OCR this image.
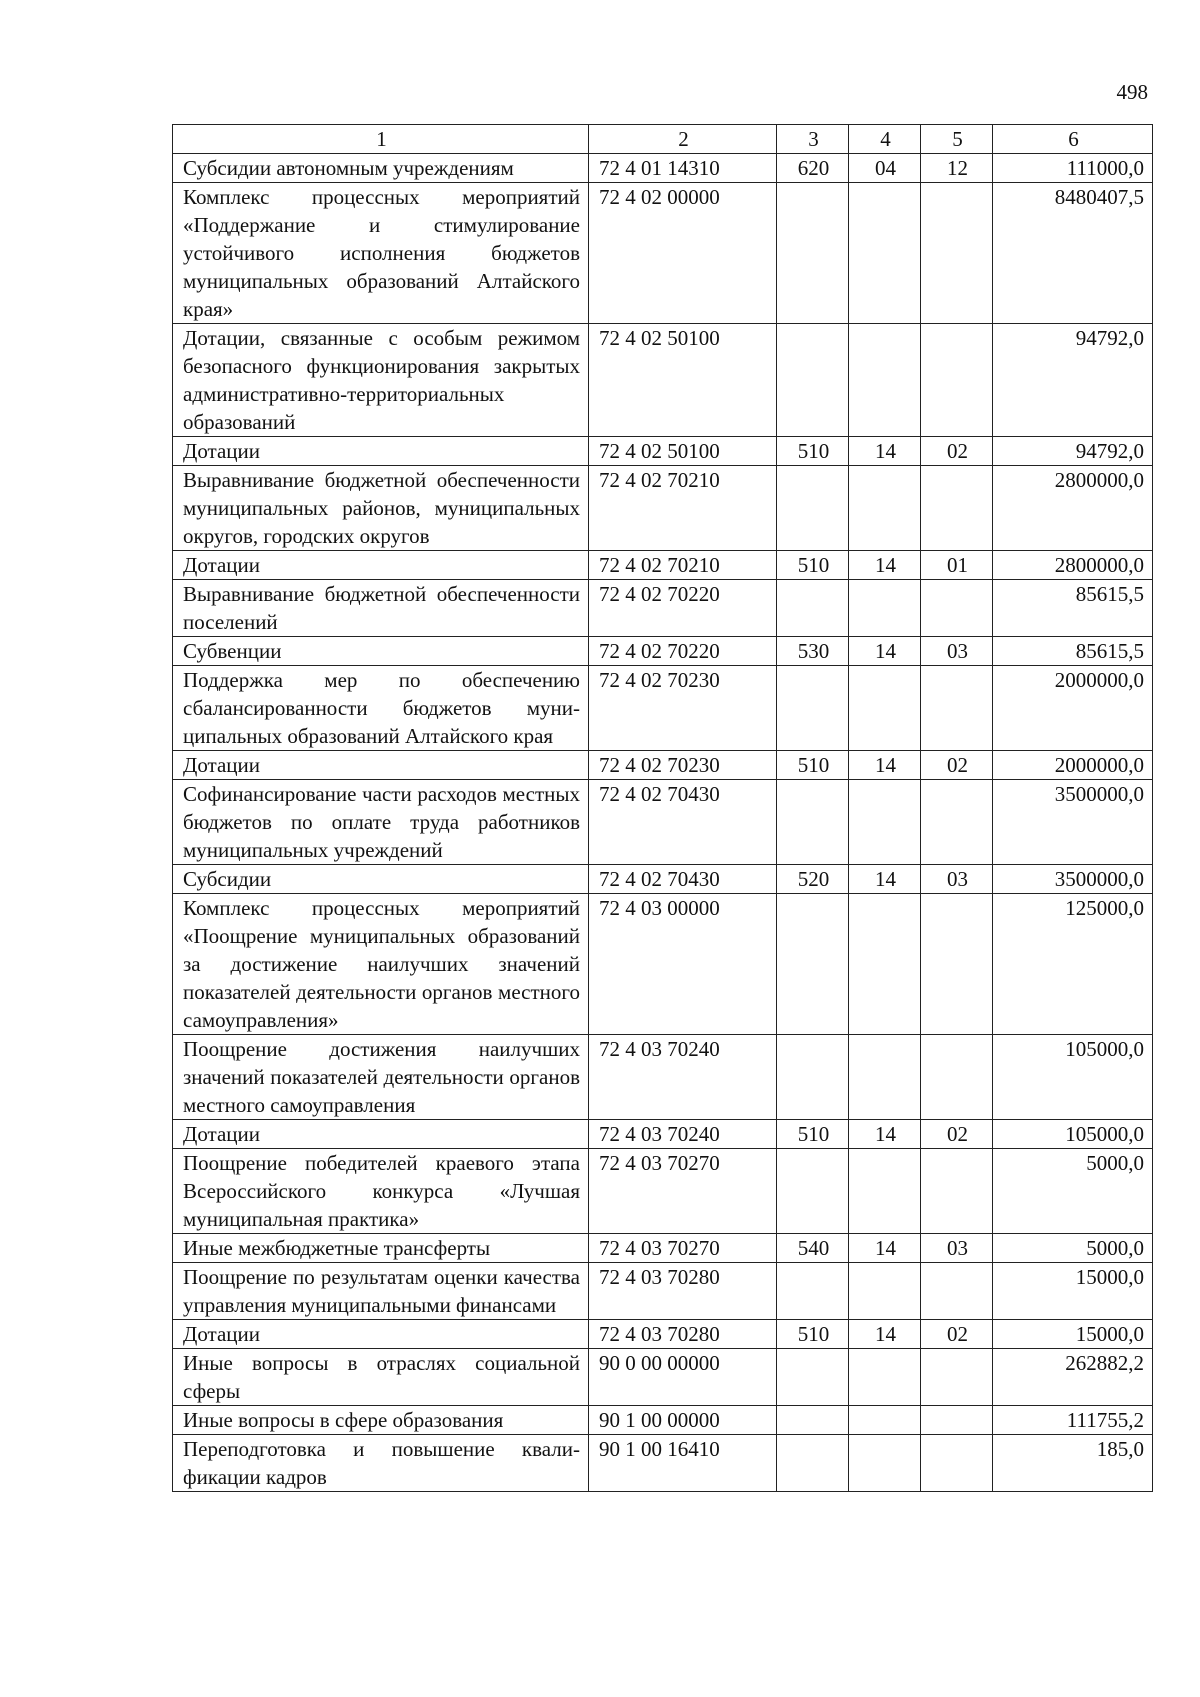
498
1	2	3	4	5	6
Субсидии автономным учреждениям	72 4 01 14310	620	04	12	111000,0
Комплекс процессных мероприятий «Поддержание и стимулирование устойчивого исполнения бюджетов муниципальных образований Алтайского края»	72 4 02 00000				8480407,5
Дотации, связанные с особым режимом безопасного функционирования закрытых административно-территориальных образований	72 4 02 50100				94792,0
Дотации	72 4 02 50100	510	14	02	94792,0
Выравнивание бюджетной обеспеченности муниципальных районов, муниципальных округов, городских округов	72 4 02 70210				2800000,0
Дотации	72 4 02 70210	510	14	01	2800000,0
Выравнивание бюджетной обеспеченности поселений	72 4 02 70220				85615,5
Субвенции	72 4 02 70220	530	14	03	85615,5
Поддержка мер по обеспечению сбалансированности бюджетов муниципальных образований Алтайского края	72 4 02 70230				2000000,0
Дотации	72 4 02 70230	510	14	02	2000000,0
Софинансирование части расходов местных бюджетов по оплате труда работников муниципальных учреждений	72 4 02 70430				3500000,0
Субсидии	72 4 02 70430	520	14	03	3500000,0
Комплекс процессных мероприятий «Поощрение муниципальных образований за достижение наилучших значений показателей деятельности органов местного самоуправления»	72 4 03 00000				125000,0
Поощрение достижения наилучших значений показателей деятельности органов местного самоуправления	72 4 03 70240				105000,0
Дотации	72 4 03 70240	510	14	02	105000,0
Поощрение победителей краевого этапа Всероссийского конкурса «Лучшая муниципальная практика»	72 4 03 70270				5000,0
Иные межбюджетные трансферты	72 4 03 70270	540	14	03	5000,0
Поощрение по результатам оценки качества управления муниципальными финансами	72 4 03 70280				15000,0
Дотации	72 4 03 70280	510	14	02	15000,0
Иные вопросы в отраслях социальной сферы	90 0 00 00000				262882,2
Иные вопросы в сфере образования	90 1 00 00000				111755,2
Переподготовка и повышение квалификации кадров	90 1 00 16410				185,0
